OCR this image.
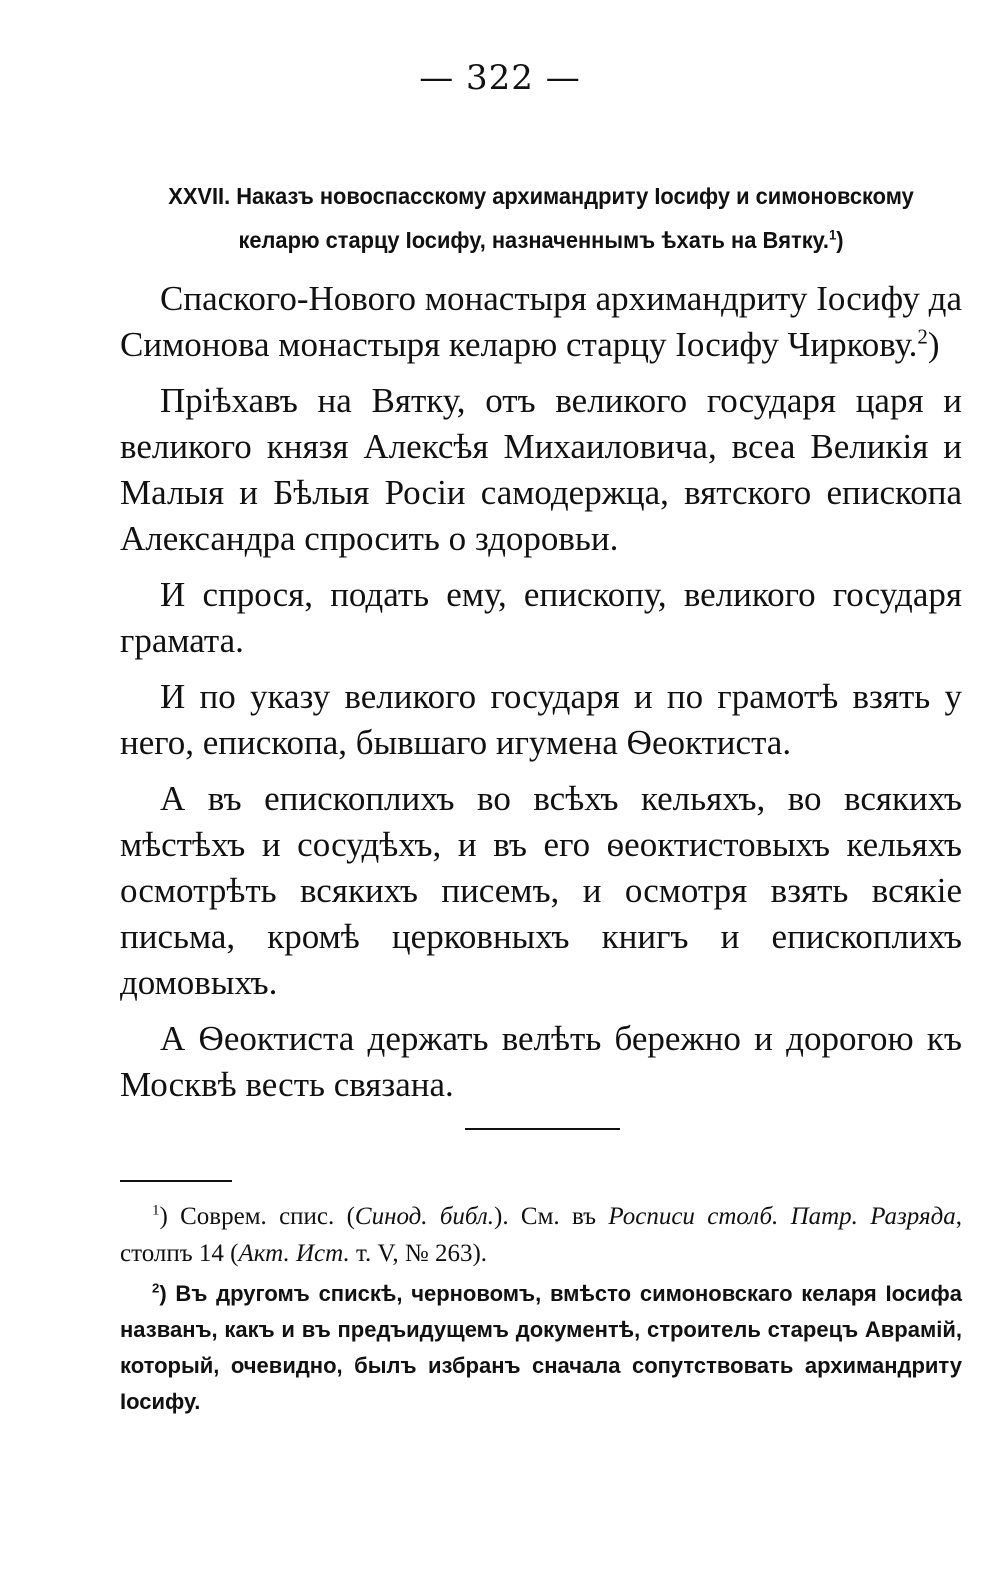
— 322 —
XXVII. Наказъ новоспасскому архимандриту Іосифу и симоновскому келарю старцу Іосифу, назначеннымъ ѣхать на Вятку.$^1$)

Спаского-Нового монастыря архимандриту Іосифу да Симонова монастыря келарю старцу Іосифу Чиркову.$^2$)

Пріѣхавъ на Вятку, отъ великого государя царя и великого князя Алексѣя Михаиловича, всеа Великія и Малыя и Бѣлыя Росіи самодержца, вятского епископа Александра спросить о здоровьи.

И спрося, подать ему, епископу, великого государя грамата.

И по указу великого государя и по грамотѣ взять у него, епископа, бывшаго игумена Ѳеоктиста.

А въ епископлихъ во всѣхъ кельяхъ, во всякихъ мѣстѣхъ и сосудѣхъ, и въ его ѳеоктистовыхъ кельяхъ осмотрѣть всякихъ писемъ, и осмотря взять всякіе письма, кромѣ церковныхъ книгъ и епископлихъ домовыхъ.

А Ѳеоктиста держать велѣть бережно и дорогою къ Москвѣ весть связана.

$^1$) Соврем. спис. (Синод. библ.). См. въ Росписи столб. Патр. Разряда, столпъ 14 (Акт. Ист. т. V, № 263).

$^2$) Въ другомъ спискѣ, черновомъ, вмѣсто симоновскаго келаря Іосифа названъ, какъ и въ предъидущемъ документѣ, строитель старецъ Аврамій, который, очевидно, былъ избранъ сначала сопутствовать архимандриту Іосифу.
